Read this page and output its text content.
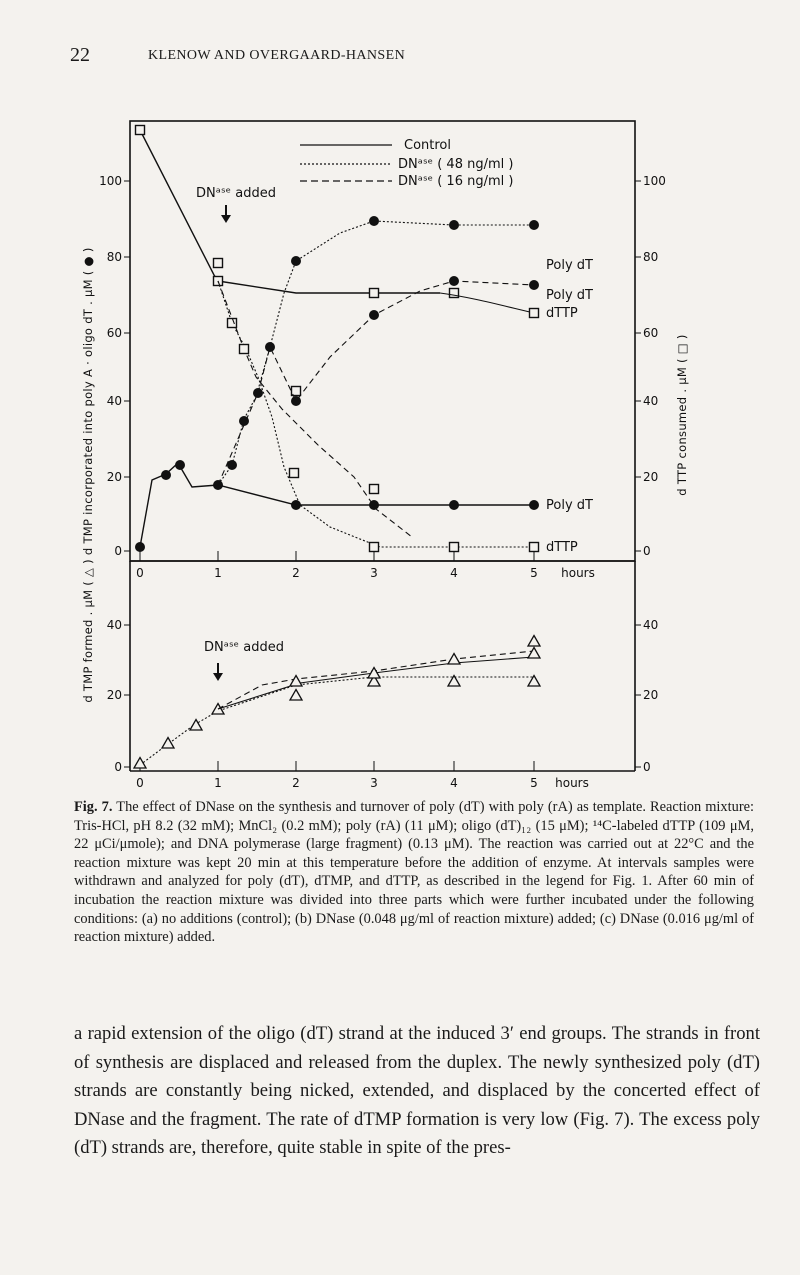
22	KLENOW AND OVERGAARD-HANSEN
d TMP formed . μM ( △ ) d TMP incorporated into poly A · oligo dT . μM ( ● )	d TTP consumed . μM ( □ )
100
80
60
40
20
0
100
80
60
40
20
0
0	1	2	3	4	5 hours
40
20
0
40
20
0
0	1	2	3	4	5 hours
Control
DNᵃˢᵉ ( 48 ng/ml )
DNᵃˢᵉ ( 16 ng/ml )
DNᵃˢᵉ added
DNᵃˢᵉ added
Poly dT
Poly dT
dTTP
Poly dT
dTTP
Fig. 7. The effect of DNase on the synthesis and turnover of poly (dT) with poly (rA) as template. Reaction mixture: Tris-HCl, pH 8.2 (32 mM); MnCl₂ (0.2 mM); poly (rA) (11 μM); oligo (dT)₁₂ (15 μM); ¹⁴C-labeled dTTP (109 μM, 22 μCi/μmole); and DNA polymerase (large fragment) (0.13 μM). The reaction was carried out at 22°C and the reaction mixture was kept 20 min at this temperature before the addition of enzyme. At intervals samples were withdrawn and analyzed for poly (dT), dTMP, and dTTP, as described in the legend for Fig. 1. After 60 min of incubation the reaction mixture was divided into three parts which were further incubated under the following conditions: (a) no additions (control); (b) DNase (0.048 μg/ml of reaction mixture) added; (c) DNase (0.016 μg/ml of reaction mixture) added.
a rapid extension of the oligo (dT) strand at the induced 3′ end groups. The strands in front of synthesis are displaced and released from the duplex. The newly synthesized poly (dT) strands are constantly being nicked, extended, and displaced by the concerted effect of DNase and the fragment. The rate of dTMP formation is very low (Fig. 7). The excess poly (dT) strands are, therefore, quite stable in spite of the pres-
